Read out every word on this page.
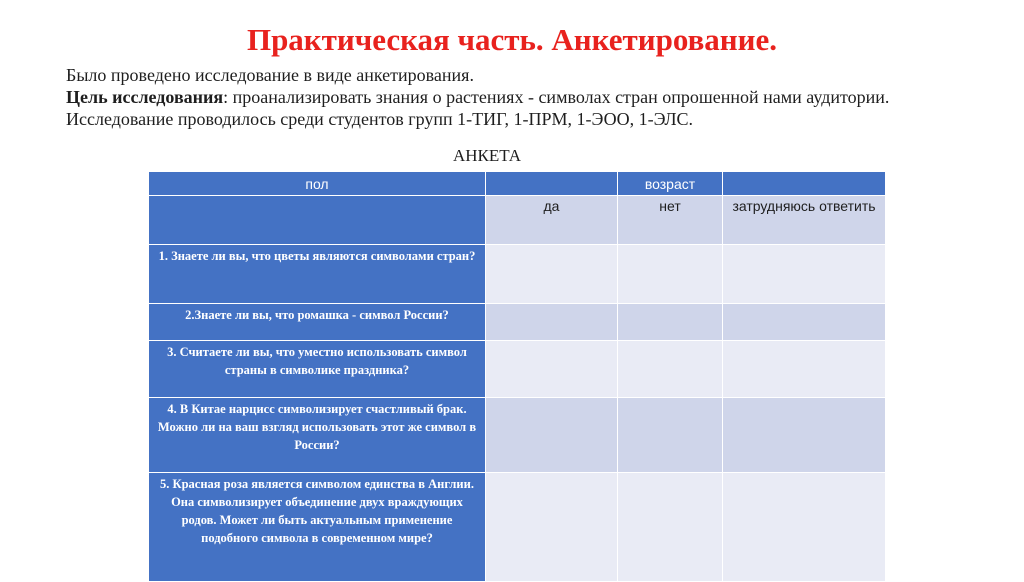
Практическая часть. Анкетирование.

Было проведено исследование в виде анкетирования.

Цель исследования: проанализировать знания о растениях - символах стран опрошенной нами аудитории.

Исследование проводилось среди студентов групп 1-ТИГ, 1-ПРМ, 1-ЭОО, 1-ЭЛС.

АНКЕТА
пол		возраст	
	да	нет	затрудняюсь ответить
1. Знаете ли вы, что цветы являются символами стран?			
2.Знаете ли вы, что ромашка - символ России?			
3. Считаете ли вы, что уместно использовать символ страны в символике праздника?			
4. В Китае нарцисс символизирует счастливый брак. Можно ли на ваш взгляд использовать этот же символ в России?			
5. Красная роза является символом единства в Англии. Она символизирует объединение двух враждующих родов. Может ли быть актуальным применение подобного символа в современном мире?			
